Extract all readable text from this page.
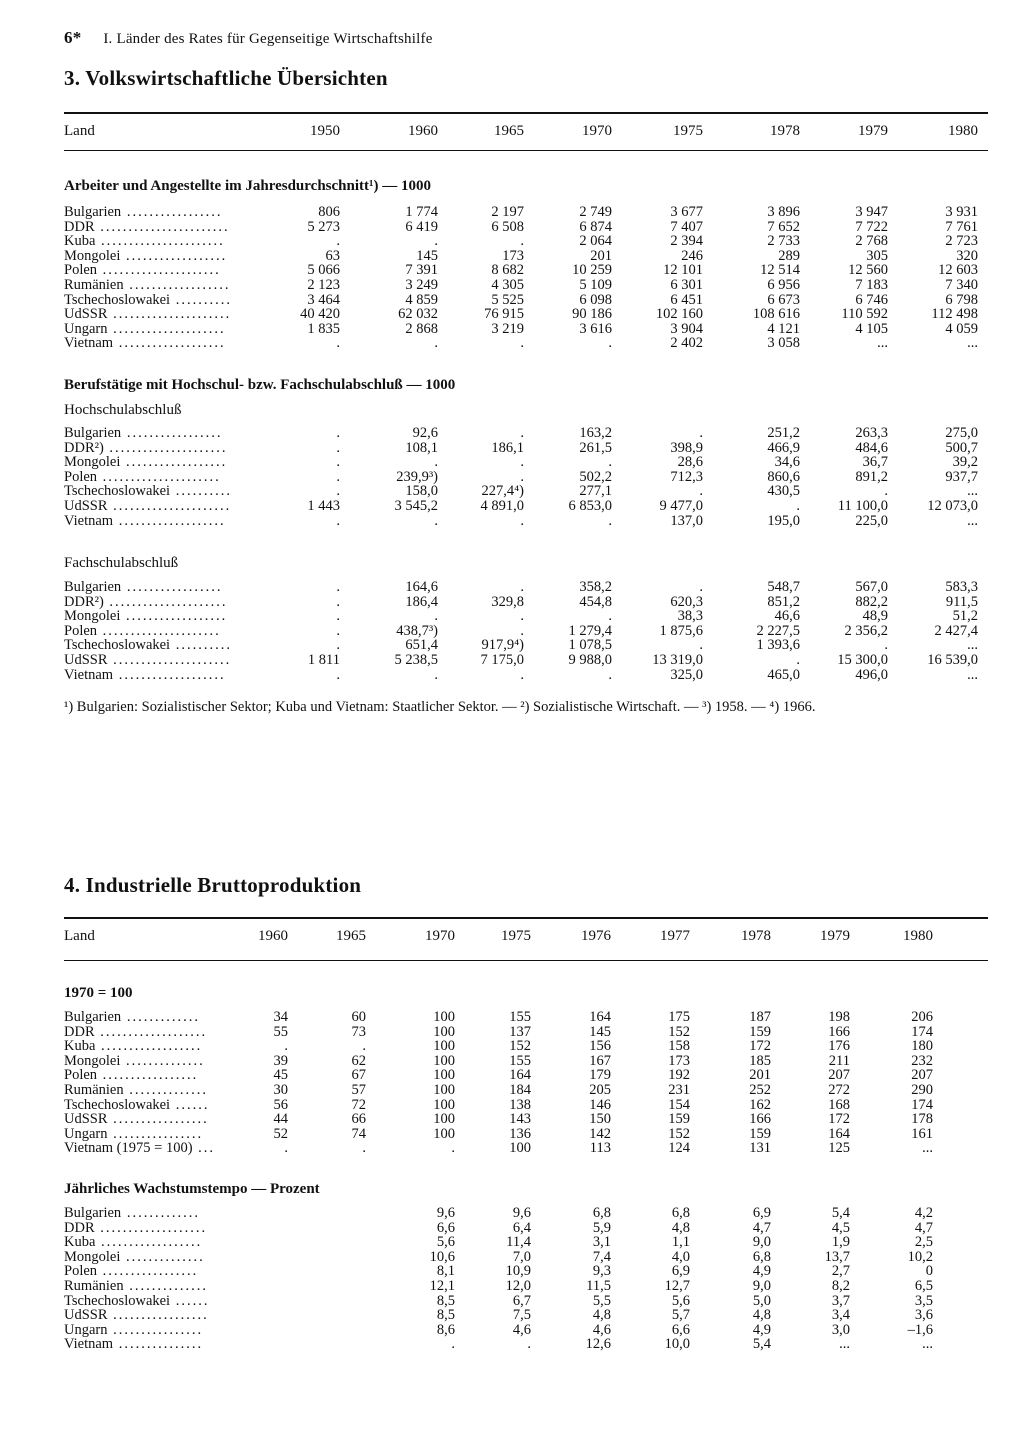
6* I. Länder des Rates für Gegenseitige Wirtschaftshilfe
3. Volkswirtschaftliche Übersichten
Land	1950	1960	1965	1970	1975	1978	1979	1980
Arbeiter und Angestellte im Jahresdurchschnitt¹) — 1000
Bulgarien .................	806	1 774	2 197	2 749	3 677	3 896	3 947	3 931
DDR .......................	5 273	6 419	6 508	6 874	7 407	7 652	7 722	7 761
Kuba ......................	.	.	.	2 064	2 394	2 733	2 768	2 723
Mongolei ..................	63	145	173	201	246	289	305	320
Polen .....................	5 066	7 391	8 682	10 259	12 101	12 514	12 560	12 603
Rumänien ..................	2 123	3 249	4 305	5 109	6 301	6 956	7 183	7 340
Tschechoslowakei ..........	3 464	4 859	5 525	6 098	6 451	6 673	6 746	6 798
UdSSR .....................	40 420	62 032	76 915	90 186	102 160	108 616	110 592	112 498
Ungarn ....................	1 835	2 868	3 219	3 616	3 904	4 121	4 105	4 059
Vietnam ...................	.	.	.	.	2 402	3 058	...	...
Berufstätige mit Hochschul- bzw. Fachschulabschluß — 1000
Hochschulabschluß
Bulgarien .................	.	92,6	.	163,2	.	251,2	263,3	275,0
DDR²) .....................	.	108,1	186,1	261,5	398,9	466,9	484,6	500,7
Mongolei ..................	.	.	.	.	28,6	34,6	36,7	39,2
Polen .....................	.	239,9³)	.	502,2	712,3	860,6	891,2	937,7
Tschechoslowakei ..........	.	158,0	227,4⁴)	277,1	.	430,5	.	...
UdSSR .....................	1 443	3 545,2	4 891,0	6 853,0	9 477,0	.	11 100,0	12 073,0
Vietnam ...................	.	.	.	.	137,0	195,0	225,0	...
Fachschulabschluß
Bulgarien .................	.	164,6	.	358,2	.	548,7	567,0	583,3
DDR²) .....................	.	186,4	329,8	454,8	620,3	851,2	882,2	911,5
Mongolei ..................	.	.	.	.	38,3	46,6	48,9	51,2
Polen .....................	.	438,7³)	.	1 279,4	1 875,6	2 227,5	2 356,2	2 427,4
Tschechoslowakei ..........	.	651,4	917,9⁴)	1 078,5	.	1 393,6	.	...
UdSSR .....................	1 811	5 238,5	7 175,0	9 988,0	13 319,0	.	15 300,0	16 539,0
Vietnam ...................	.	.	.	.	325,0	465,0	496,0	...
¹) Bulgarien: Sozialistischer Sektor; Kuba und Vietnam: Staatlicher Sektor. — ²) Sozialistische Wirtschaft. — ³) 1958. — ⁴) 1966.
4. Industrielle Bruttoproduktion
Land	1960	1965	1970	1975	1976	1977	1978	1979	1980
1970 = 100
Bulgarien .............	34	60	100	155	164	175	187	198	206
DDR ...................	55	73	100	137	145	152	159	166	174
Kuba ..................	.	.	100	152	156	158	172	176	180
Mongolei ..............	39	62	100	155	167	173	185	211	232
Polen .................	45	67	100	164	179	192	201	207	207
Rumänien ..............	30	57	100	184	205	231	252	272	290
Tschechoslowakei ......	56	72	100	138	146	154	162	168	174
UdSSR .................	44	66	100	143	150	159	166	172	178
Ungarn ................	52	74	100	136	142	152	159	164	161
Vietnam (1975 = 100) ...	.	.	.	100	113	124	131	125	...
Jährliches Wachstumstempo — Prozent
Bulgarien .............	9,6	9,6	6,8	6,8	6,9	5,4	4,2
DDR ...................	6,6	6,4	5,9	4,8	4,7	4,5	4,7
Kuba ..................	5,6	11,4	3,1	1,1	9,0	1,9	2,5
Mongolei ..............	10,6	7,0	7,4	4,0	6,8	13,7	10,2
Polen .................	8,1	10,9	9,3	6,9	4,9	2,7	0
Rumänien ..............	12,1	12,0	11,5	12,7	9,0	8,2	6,5
Tschechoslowakei ......	8,5	6,7	5,5	5,6	5,0	3,7	3,5
UdSSR .................	8,5	7,5	4,8	5,7	4,8	3,4	3,6
Ungarn ................	8,6	4,6	4,6	6,6	4,9	3,0	–1,6
Vietnam ...............	.	.	12,6	10,0	5,4	...	...
